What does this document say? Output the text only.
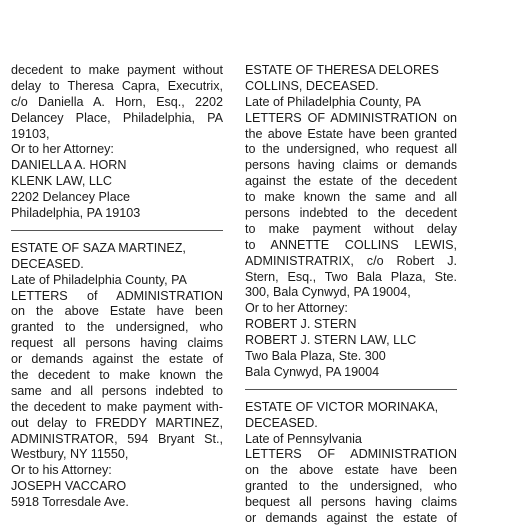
decedent to make payment without
delay to Theresa Capra, Executrix,
c/o Daniella A. Horn, Esq., 2202
Delancey Place, Philadelphia, PA
19103,
Or to her Attorney:
DANIELLA A. HORN
KLENK LAW, LLC
2202 Delancey Place
Philadelphia, PA 19103
ESTATE OF SAZA MARTINEZ,
DECEASED.
Late of Philadelphia County, PA
LETTERS of ADMINISTRATION
on the above Estate have been
granted to the undersigned, who
request all persons having claims
or demands against the estate of
the decedent to make known the
same and all persons indebted to
the decedent to make payment with-
out delay to FREDDY MARTINEZ,
ADMINISTRATOR, 594 Bryant St.,
Westbury, NY 11550,
Or to his Attorney:
JOSEPH VACCARO
5918 Torresdale Ave.
ESTATE OF THERESA DELORES
COLLINS, DECEASED.
Late of Philadelphia County, PA
LETTERS OF ADMINISTRATION on
the above Estate have been granted
to the undersigned, who request all
persons having claims or demands
against the estate of the decedent
to make known the same and all
persons indebted to the decedent
to make payment without delay
to ANNETTE COLLINS LEWIS,
ADMINISTRATRIX, c/o Robert J.
Stern, Esq., Two Bala Plaza, Ste.
300, Bala Cynwyd, PA 19004,
Or to her Attorney:
ROBERT J. STERN
ROBERT J. STERN LAW, LLC
Two Bala Plaza, Ste. 300
Bala Cynwyd, PA 19004
ESTATE OF VICTOR MORINAKA,
DECEASED.
Late of Pennsylvania
LETTERS OF ADMINISTRATION
on the above estate have been
granted to the undersigned, who
bequest all persons having claims
or demands against the estate of
